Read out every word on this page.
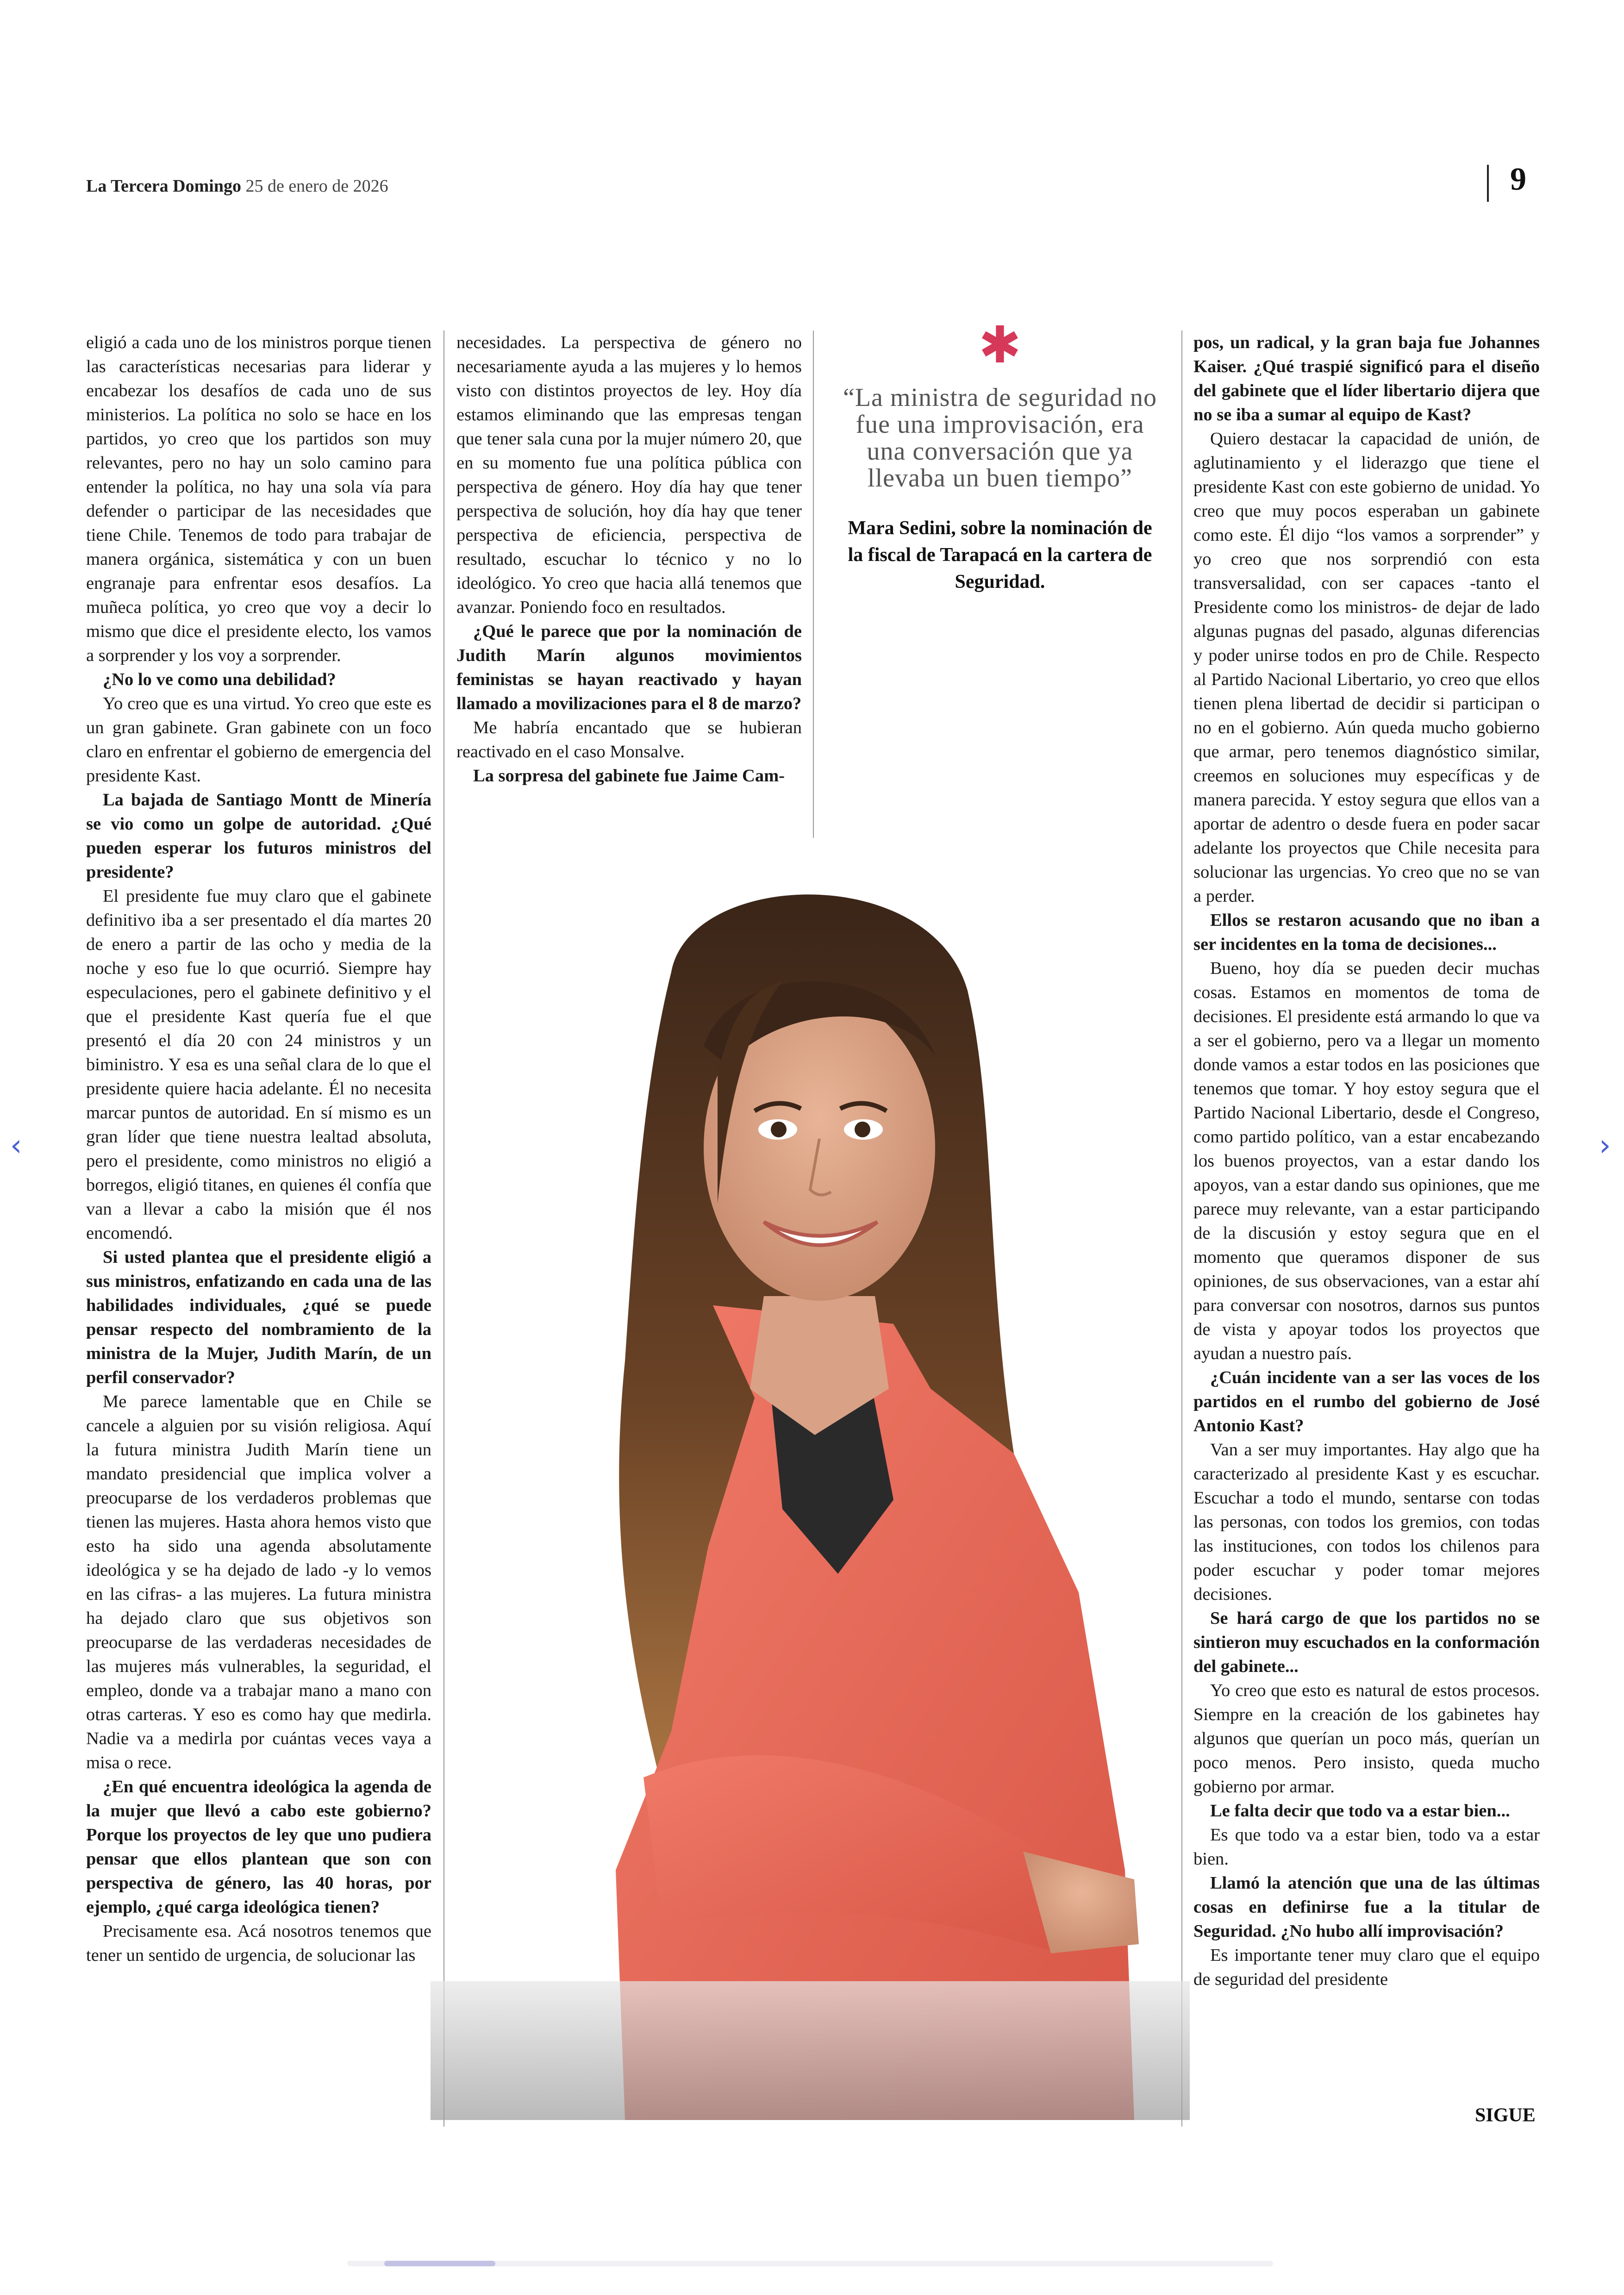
La Tercera Domingo 25 de enero de 2026	9

eligió a cada uno de los ministros porque tienen las características necesarias para liderar y encabezar los desafíos de cada uno de sus ministerios. La política no solo se hace en los partidos, yo creo que los partidos son muy relevantes, pero no hay un solo camino para entender la política, no hay una sola vía para defender o participar de las necesidades que tiene Chile. Tenemos de todo para trabajar de manera orgánica, sistemática y con un buen engranaje para enfrentar esos desafíos. La muñeca política, yo creo que voy a decir lo mismo que dice el presidente electo, los vamos a sorprender y los voy a sorprender.

¿No lo ve como una debilidad?

Yo creo que es una virtud. Yo creo que este es un gran gabinete. Gran gabinete con un foco claro en enfrentar el gobierno de emergencia del presidente Kast.

La bajada de Santiago Montt de Minería se vio como un golpe de autoridad. ¿Qué pueden esperar los futuros ministros del presidente?

El presidente fue muy claro que el gabinete definitivo iba a ser presentado el día martes 20 de enero a partir de las ocho y media de la noche y eso fue lo que ocurrió. Siempre hay especulaciones, pero el gabinete definitivo y el que el presidente Kast quería fue el que presentó el día 20 con 24 ministros y un biministro. Y esa es una señal clara de lo que el presidente quiere hacia adelante. Él no necesita marcar puntos de autoridad. En sí mismo es un gran líder que tiene nuestra lealtad absoluta, pero el presidente, como ministros no eligió a borregos, eligió titanes, en quienes él confía que van a llevar a cabo la misión que él nos encomendó.

Si usted plantea que el presidente eligió a sus ministros, enfatizando en cada una de las habilidades individuales, ¿qué se puede pensar respecto del nombramiento de la ministra de la Mujer, Judith Marín, de un perfil conservador?

Me parece lamentable que en Chile se cancele a alguien por su visión religiosa. Aquí la futura ministra Judith Marín tiene un mandato presidencial que implica volver a preocuparse de los verdaderos problemas que tienen las mujeres. Hasta ahora hemos visto que esto ha sido una agenda absolutamente ideológica y se ha dejado de lado -y lo vemos en las cifras- a las mujeres. La futura ministra ha dejado claro que sus objetivos son preocuparse de las verdaderas necesidades de las mujeres más vulnerables, la seguridad, el empleo, donde va a trabajar mano a mano con otras carteras. Y eso es como hay que medirla. Nadie va a medirla por cuántas veces vaya a misa o rece.

¿En qué encuentra ideológica la agenda de la mujer que llevó a cabo este gobierno? Porque los proyectos de ley que uno pudiera pensar que ellos plantean que son con perspectiva de género, las 40 horas, por ejemplo, ¿qué carga ideológica tienen?

Precisamente esa. Acá nosotros tenemos que tener un sentido de urgencia, de solucionar las

necesidades. La perspectiva de género no necesariamente ayuda a las mujeres y lo hemos visto con distintos proyectos de ley. Hoy día estamos eliminando que las empresas tengan que tener sala cuna por la mujer número 20, que en su momento fue una política pública con perspectiva de género. Hoy día hay que tener perspectiva de solución, hoy día hay que tener perspectiva de eficiencia, perspectiva de resultado, escuchar lo técnico y no lo ideológico. Yo creo que hacia allá tenemos que avanzar. Poniendo foco en resultados.

¿Qué le parece que por la nominación de Judith Marín algunos movimientos feministas se hayan reactivado y hayan llamado a movilizaciones para el 8 de marzo?

Me habría encantado que se hubieran reactivado en el caso Monsalve.

La sorpresa del gabinete fue Jaime Cam-

✱
“La ministra de seguridad no fue una improvisación, era una conversación que ya llevaba un buen tiempo”
Mara Sedini, sobre la nominación de la fiscal de Tarapacá en la cartera de Seguridad.

pos, un radical, y la gran baja fue Johannes Kaiser. ¿Qué traspié significó para el diseño del gabinete que el líder libertario dijera que no se iba a sumar al equipo de Kast?

Quiero destacar la capacidad de unión, de aglutinamiento y el liderazgo que tiene el presidente Kast con este gobierno de unidad. Yo creo que muy pocos esperaban un gabinete como este. Él dijo “los vamos a sorprender” y yo creo que nos sorprendió con esta transversalidad, con ser capaces -tanto el Presidente como los ministros- de dejar de lado algunas pugnas del pasado, algunas diferencias y poder unirse todos en pro de Chile. Respecto al Partido Nacional Libertario, yo creo que ellos tienen plena libertad de decidir si participan o no en el gobierno. Aún queda mucho gobierno que armar, pero tenemos diagnóstico similar, creemos en soluciones muy específicas y de manera parecida. Y estoy segura que ellos van a aportar de adentro o desde fuera en poder sacar adelante los proyectos que Chile necesita para solucionar las urgencias. Yo creo que no se van a perder.

Ellos se restaron acusando que no iban a ser incidentes en la toma de decisiones...

Bueno, hoy día se pueden decir muchas cosas. Estamos en momentos de toma de decisiones. El presidente está armando lo que va a ser el gobierno, pero va a llegar un momento donde vamos a estar todos en las posiciones que tenemos que tomar. Y hoy estoy segura que el Partido Nacional Libertario, desde el Congreso, como partido político, van a estar encabezando los buenos proyectos, van a estar dando los apoyos, van a estar dando sus opiniones, que me parece muy relevante, van a estar participando de la discusión y estoy segura que en el momento que queramos disponer de sus opiniones, de sus observaciones, van a estar ahí para conversar con nosotros, darnos sus puntos de vista y apoyar todos los proyectos que ayudan a nuestro país.

¿Cuán incidente van a ser las voces de los partidos en el rumbo del gobierno de José Antonio Kast?

Van a ser muy importantes. Hay algo que ha caracterizado al presidente Kast y es escuchar. Escuchar a todo el mundo, sentarse con todas las personas, con todos los gremios, con todas las instituciones, con todos los chilenos para poder escuchar y poder tomar mejores decisiones.

Se hará cargo de que los partidos no se sintieron muy escuchados en la conformación del gabinete...

Yo creo que esto es natural de estos procesos. Siempre en la creación de los gabinetes hay algunos que querían un poco más, querían un poco menos. Pero insisto, queda mucho gobierno por armar.

Le falta decir que todo va a estar bien...

Es que todo va a estar bien, todo va a estar bien.

Llamó la atención que una de las últimas cosas en definirse fue a la titular de Seguridad. ¿No hubo allí improvisación?

Es importante tener muy claro que el equipo de seguridad del presidente

SIGUE
‹	›
